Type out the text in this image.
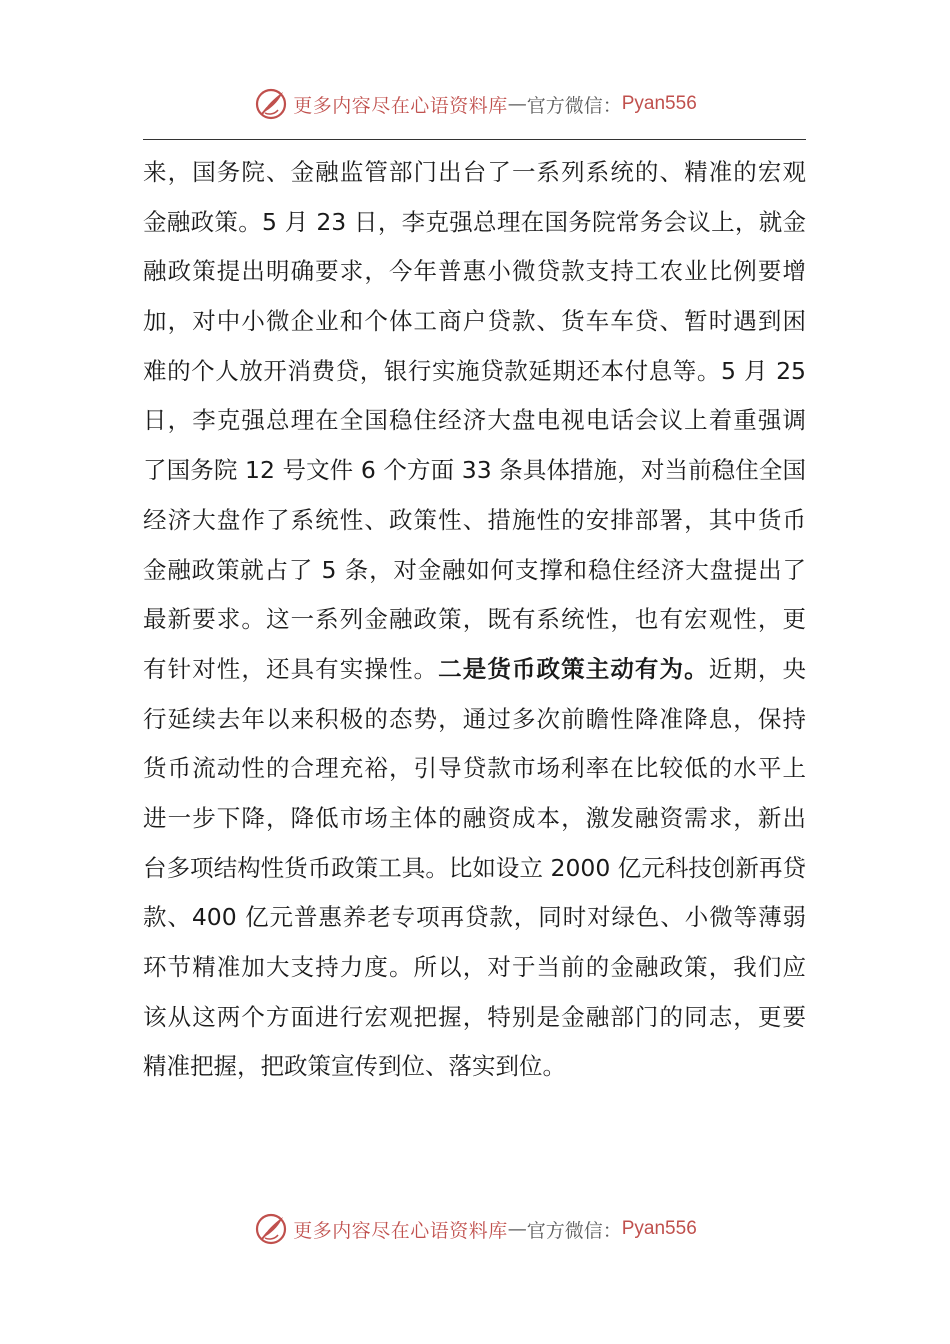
更多内容尽在心语资料库 — 官方微信： Pyan556
来，国务院、金融监管部门出台了一系列系统的、精准的宏观
金融政策。5 月 23 日，李克强总理在国务院常务会议上，就金
融政策提出明确要求，今年普惠小微贷款支持工农业比例要增
加，对中小微企业和个体工商户贷款、货车车贷、暂时遇到困
难的个人放开消费贷，银行实施贷款延期还本付息等。5 月 25
日，李克强总理在全国稳住经济大盘电视电话会议上着重强调
了国务院 12 号文件 6 个方面 33 条具体措施，对当前稳住全国
经济大盘作了系统性、政策性、措施性的安排部署，其中货币
金融政策就占了 5 条，对金融如何支撑和稳住经济大盘提出了
最新要求。这一系列金融政策，既有系统性，也有宏观性，更
有针对性，还具有实操性。二是货币政策主动有为。近期，央
行延续去年以来积极的态势，通过多次前瞻性降准降息，保持
货币流动性的合理充裕，引导贷款市场利率在比较低的水平上
进一步下降，降低市场主体的融资成本，激发融资需求，新出
台多项结构性货币政策工具。比如设立 2000 亿元科技创新再贷
款、400 亿元普惠养老专项再贷款，同时对绿色、小微等薄弱
环节精准加大支持力度。所以，对于当前的金融政策，我们应
该从这两个方面进行宏观把握，特别是金融部门的同志，更要
精准把握，把政策宣传到位、落实到位。
更多内容尽在心语资料库 — 官方微信： Pyan556
